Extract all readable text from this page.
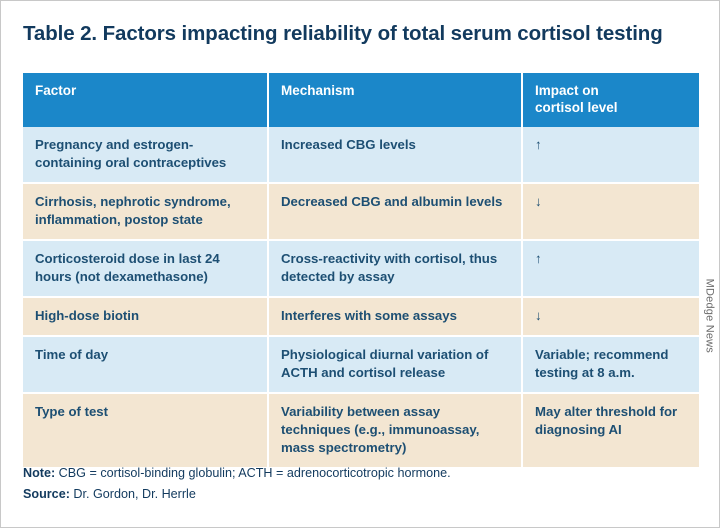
Table 2. Factors impacting reliability of total serum cortisol testing
Factor	Mechanism	Impact on
cortisol level
Pregnancy and estrogen-containing oral contraceptives	Increased CBG levels	↑
Cirrhosis, nephrotic syndrome, inflammation, postop state	Decreased CBG and albumin levels	↓
Corticosteroid dose in last 24 hours (not dexamethasone)	Cross-reactivity with cortisol, thus detected by assay	↑
High-dose biotin	Interferes with some assays	↓
Time of day	Physiological diurnal variation of ACTH and cortisol release	Variable; recommend testing at 8 a.m.
Type of test	Variability between assay techniques (e.g., immunoassay, mass spectrometry)	May alter threshold for diagnosing AI
Note: CBG = cortisol-binding globulin; ACTH = adrenocorticotropic hormone.
Source: Dr. Gordon, Dr. Herrle
MDedge News
